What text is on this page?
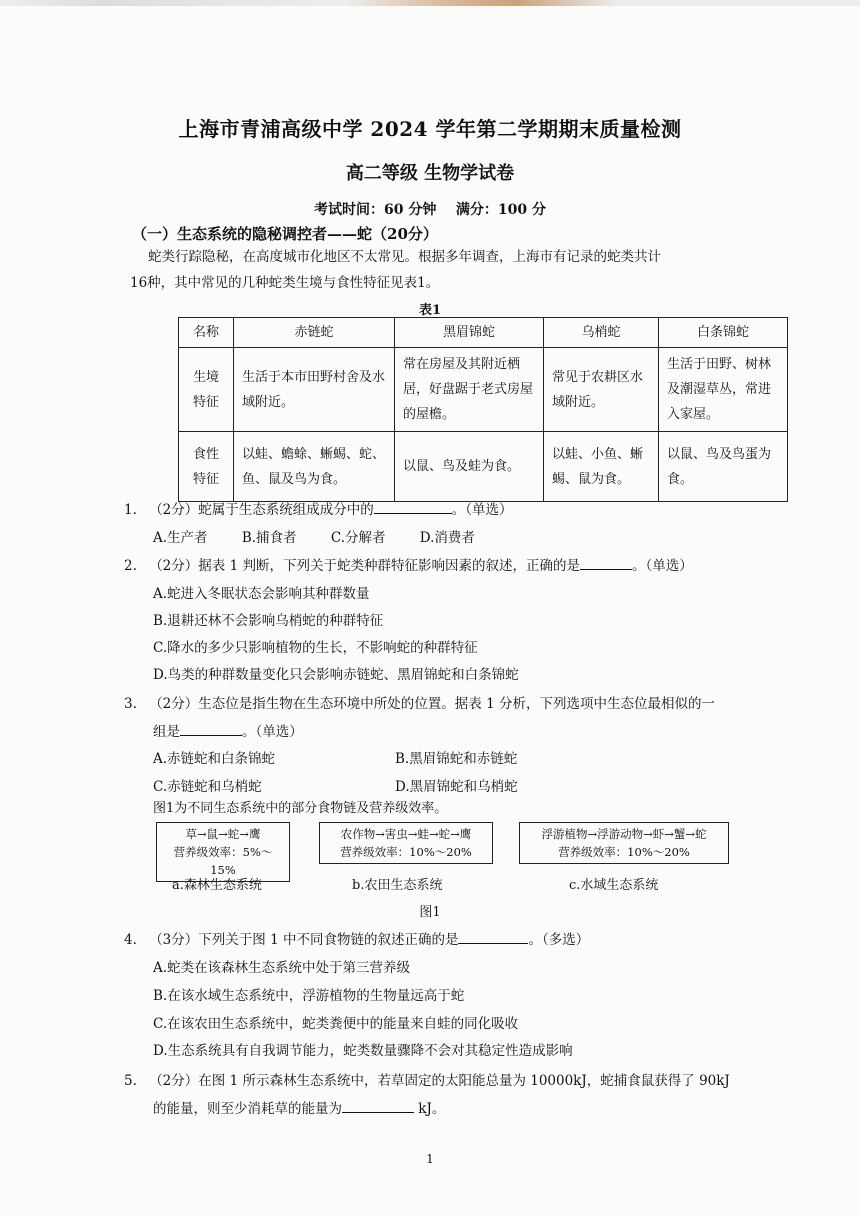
上海市青浦高级中学 2024 学年第二学期期末质量检测
高二等级 生物学试卷
考试时间：60 分钟    满分：100 分
（一）生态系统的隐秘调控者——蛇（20分）
蛇类行踪隐秘，在高度城市化地区不太常见。根据多年调查，上海市有记录的蛇类共计
16种，其中常见的几种蛇类生境与食性特征见表1。
表1
名称	赤链蛇	黑眉锦蛇	乌梢蛇	白条锦蛇
生境特征	生活于本市田野村舍及水域附近。	常在房屋及其附近栖居，好盘踞于老式房屋的屋檐。	常见于农耕区水域附近。	生活于田野、树林及潮湿草丛，常进入家屋。
食性特征	以蛙、蟾蜍、蜥蜴、蛇、鱼、鼠及鸟为食。	以鼠、鸟及蛙为食。	以蛙、小鱼、蜥蜴、鼠为食。	以鼠、鸟及鸟蛋为食。
1. （2分）蛇属于生态系统组成成分中的	。（单选）
A.生产者	B.捕食者	C.分解者	D.消费者
2. （2分）据表 1 判断，下列关于蛇类种群特征影响因素的叙述，正确的是	。（单选）
A.蛇进入冬眠状态会影响其种群数量
B.退耕还林不会影响乌梢蛇的种群特征
C.降水的多少只影响植物的生长，不影响蛇的种群特征
D.鸟类的种群数量变化只会影响赤链蛇、黑眉锦蛇和白条锦蛇
3. （2分）生态位是指生物在生态环境中所处的位置。据表 1 分析，下列选项中生态位最相似的一
组是	。（单选）
A.赤链蛇和白条锦蛇	B.黑眉锦蛇和赤链蛇
C.赤链蛇和乌梢蛇	D.黑眉锦蛇和乌梢蛇
图1为不同生态系统中的部分食物链及营养级效率。
草→鼠→蛇→鹰
营养级效率：5%～15%
a.森林生态系统
农作物→害虫→蛙→蛇→鹰
营养级效率：10%～20%
b.农田生态系统
浮游植物→浮游动物→虾→蟹→蛇
营养级效率：10%～20%
c.水域生态系统
图1
4. （3分）下列关于图 1 中不同食物链的叙述正确的是	。（多选）
A.蛇类在该森林生态系统中处于第三营养级
B.在该水域生态系统中，浮游植物的生物量远高于蛇
C.在该农田生态系统中，蛇类粪便中的能量来自蛙的同化吸收
D.生态系统具有自我调节能力，蛇类数量骤降不会对其稳定性造成影响
5. （2分）在图 1 所示森林生态系统中，若草固定的太阳能总量为 10000kJ，蛇捕食鼠获得了 90kJ
的能量，则至少消耗草的能量为	kJ。
1
